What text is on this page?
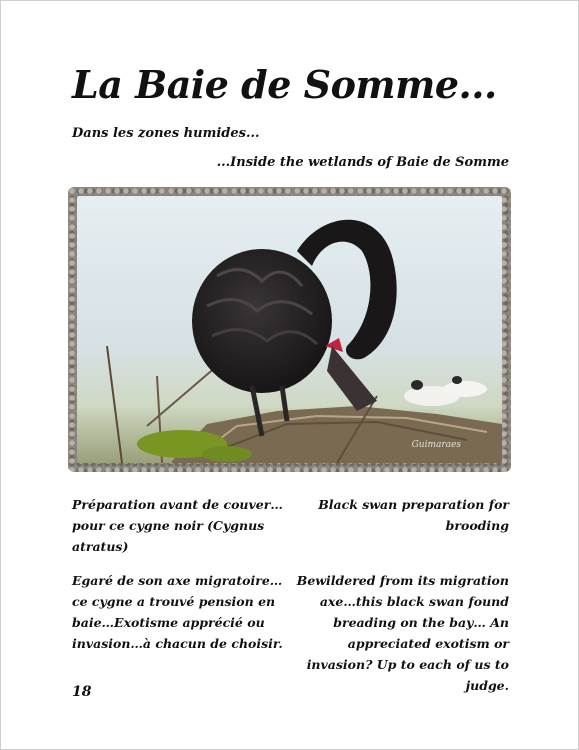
La Baie de Somme...
Dans les zones humides...
...Inside the wetlands of Baie de Somme
Guimaraes

Préparation avant de couver… pour ce cygne noir (Cygnus atratus)

Black swan preparation for brooding

Egaré de son axe migratoire… ce cygne a trouvé pension en baie…Exotisme apprécié ou invasion…à chacun de choisir.

Bewildered from its migration axe…this black swan found breading on the bay… An appreciated exotism or invasion? Up to each of us to judge.

18
